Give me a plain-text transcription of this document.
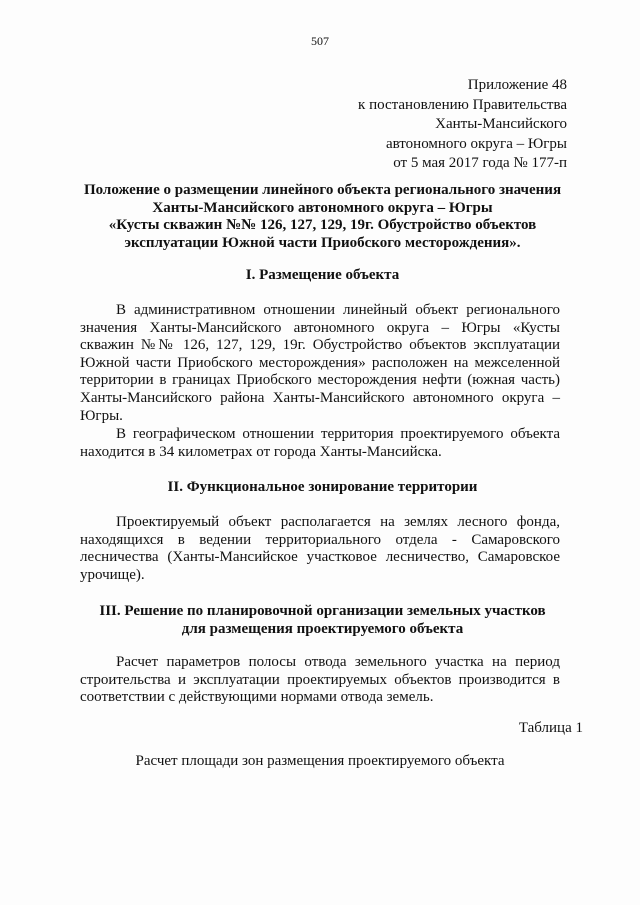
507
Приложение 48
к постановлению Правительства
Ханты-Мансийского
автономного округа – Югры
от 5 мая 2017 года № 177-п
Положение о размещении линейного объекта регионального значения
Ханты-Мансийского автономного округа – Югры
«Кусты скважин №№ 126, 127, 129, 19г. Обустройство объектов
эксплуатации Южной части Приобского месторождения».
I. Размещение объекта

В административном отношении линейный объект регионального значения Ханты-Мансийского автономного округа – Югры «Кусты скважин №№ 126, 127, 129, 19г. Обустройство объектов эксплуатации Южной части Приобского месторождения» расположен на межселенной территории в границах Приобского месторождения нефти (южная часть) Ханты-Мансийского района Ханты-Мансийского автономного округа – Югры.

В географическом отношении территория проектируемого объекта находится в 34 километрах от города Ханты-Мансийска.

II. Функциональное зонирование территории

Проектируемый объект располагается на землях лесного фонда, находящихся в ведении территориального отдела - Самаровского лесничества (Ханты-Мансийское участковое лесничество, Самаровское урочище).

III. Решение по планировочной организации земельных участков
для размещения проектируемого объекта

Расчет параметров полосы отвода земельного участка на период строительства и эксплуатации проектируемых объектов производится в соответствии с действующими нормами отвода земель.

Таблица 1
Расчет площади зон размещения проектируемого объекта
